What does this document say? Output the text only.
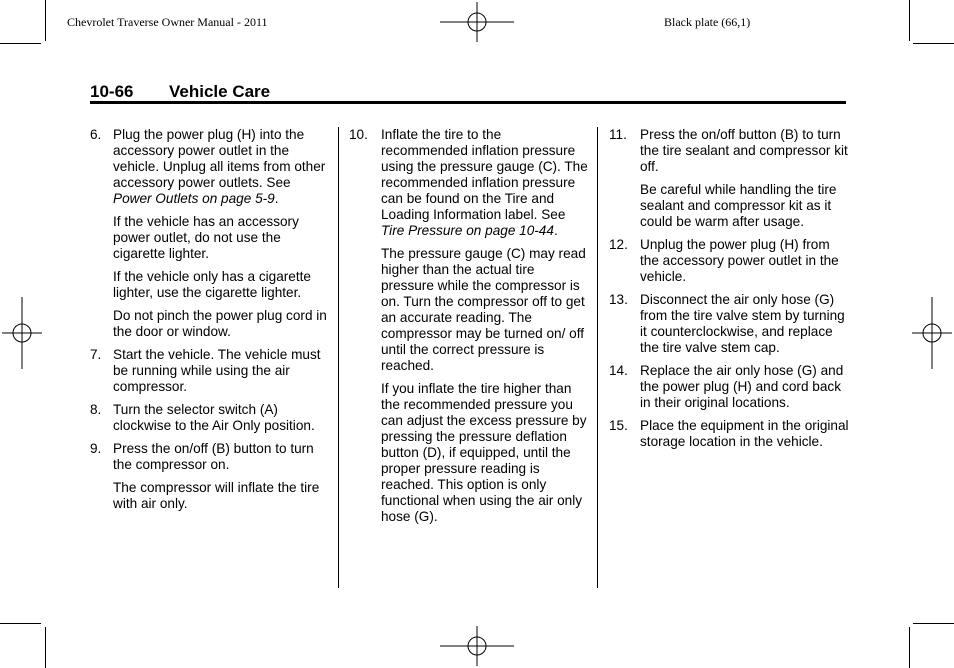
Chevrolet Traverse Owner Manual - 2011	Black plate (66,1)
10-66 Vehicle Care
6. Plug the power plug (H) into the accessory power outlet in the vehicle. Unplug all items from other accessory power outlets. See Power Outlets on page 5-9.
If the vehicle has an accessory power outlet, do not use the cigarette lighter.
If the vehicle only has a cigarette lighter, use the cigarette lighter.
Do not pinch the power plug cord in the door or window.
7. Start the vehicle. The vehicle must be running while using the air compressor.
8. Turn the selector switch (A) clockwise to the Air Only position.
9. Press the on/off (B) button to turn the compressor on.
The compressor will inflate the tire with air only.
10. Inflate the tire to the recommended inflation pressure using the pressure gauge (C). The recommended inflation pressure can be found on the Tire and Loading Information label. See Tire Pressure on page 10-44.
The pressure gauge (C) may read higher than the actual tire pressure while the compressor is on. Turn the compressor off to get an accurate reading. The compressor may be turned on/ off until the correct pressure is reached.
If you inflate the tire higher than the recommended pressure you can adjust the excess pressure by pressing the pressure deflation button (D), if equipped, until the proper pressure reading is reached. This option is only functional when using the air only hose (G).
11. Press the on/off button (B) to turn the tire sealant and compressor kit off.
Be careful while handling the tire sealant and compressor kit as it could be warm after usage.
12. Unplug the power plug (H) from the accessory power outlet in the vehicle.
13. Disconnect the air only hose (G) from the tire valve stem by turning it counterclockwise, and replace the tire valve stem cap.
14. Replace the air only hose (G) and the power plug (H) and cord back in their original locations.
15. Place the equipment in the original storage location in the vehicle.
